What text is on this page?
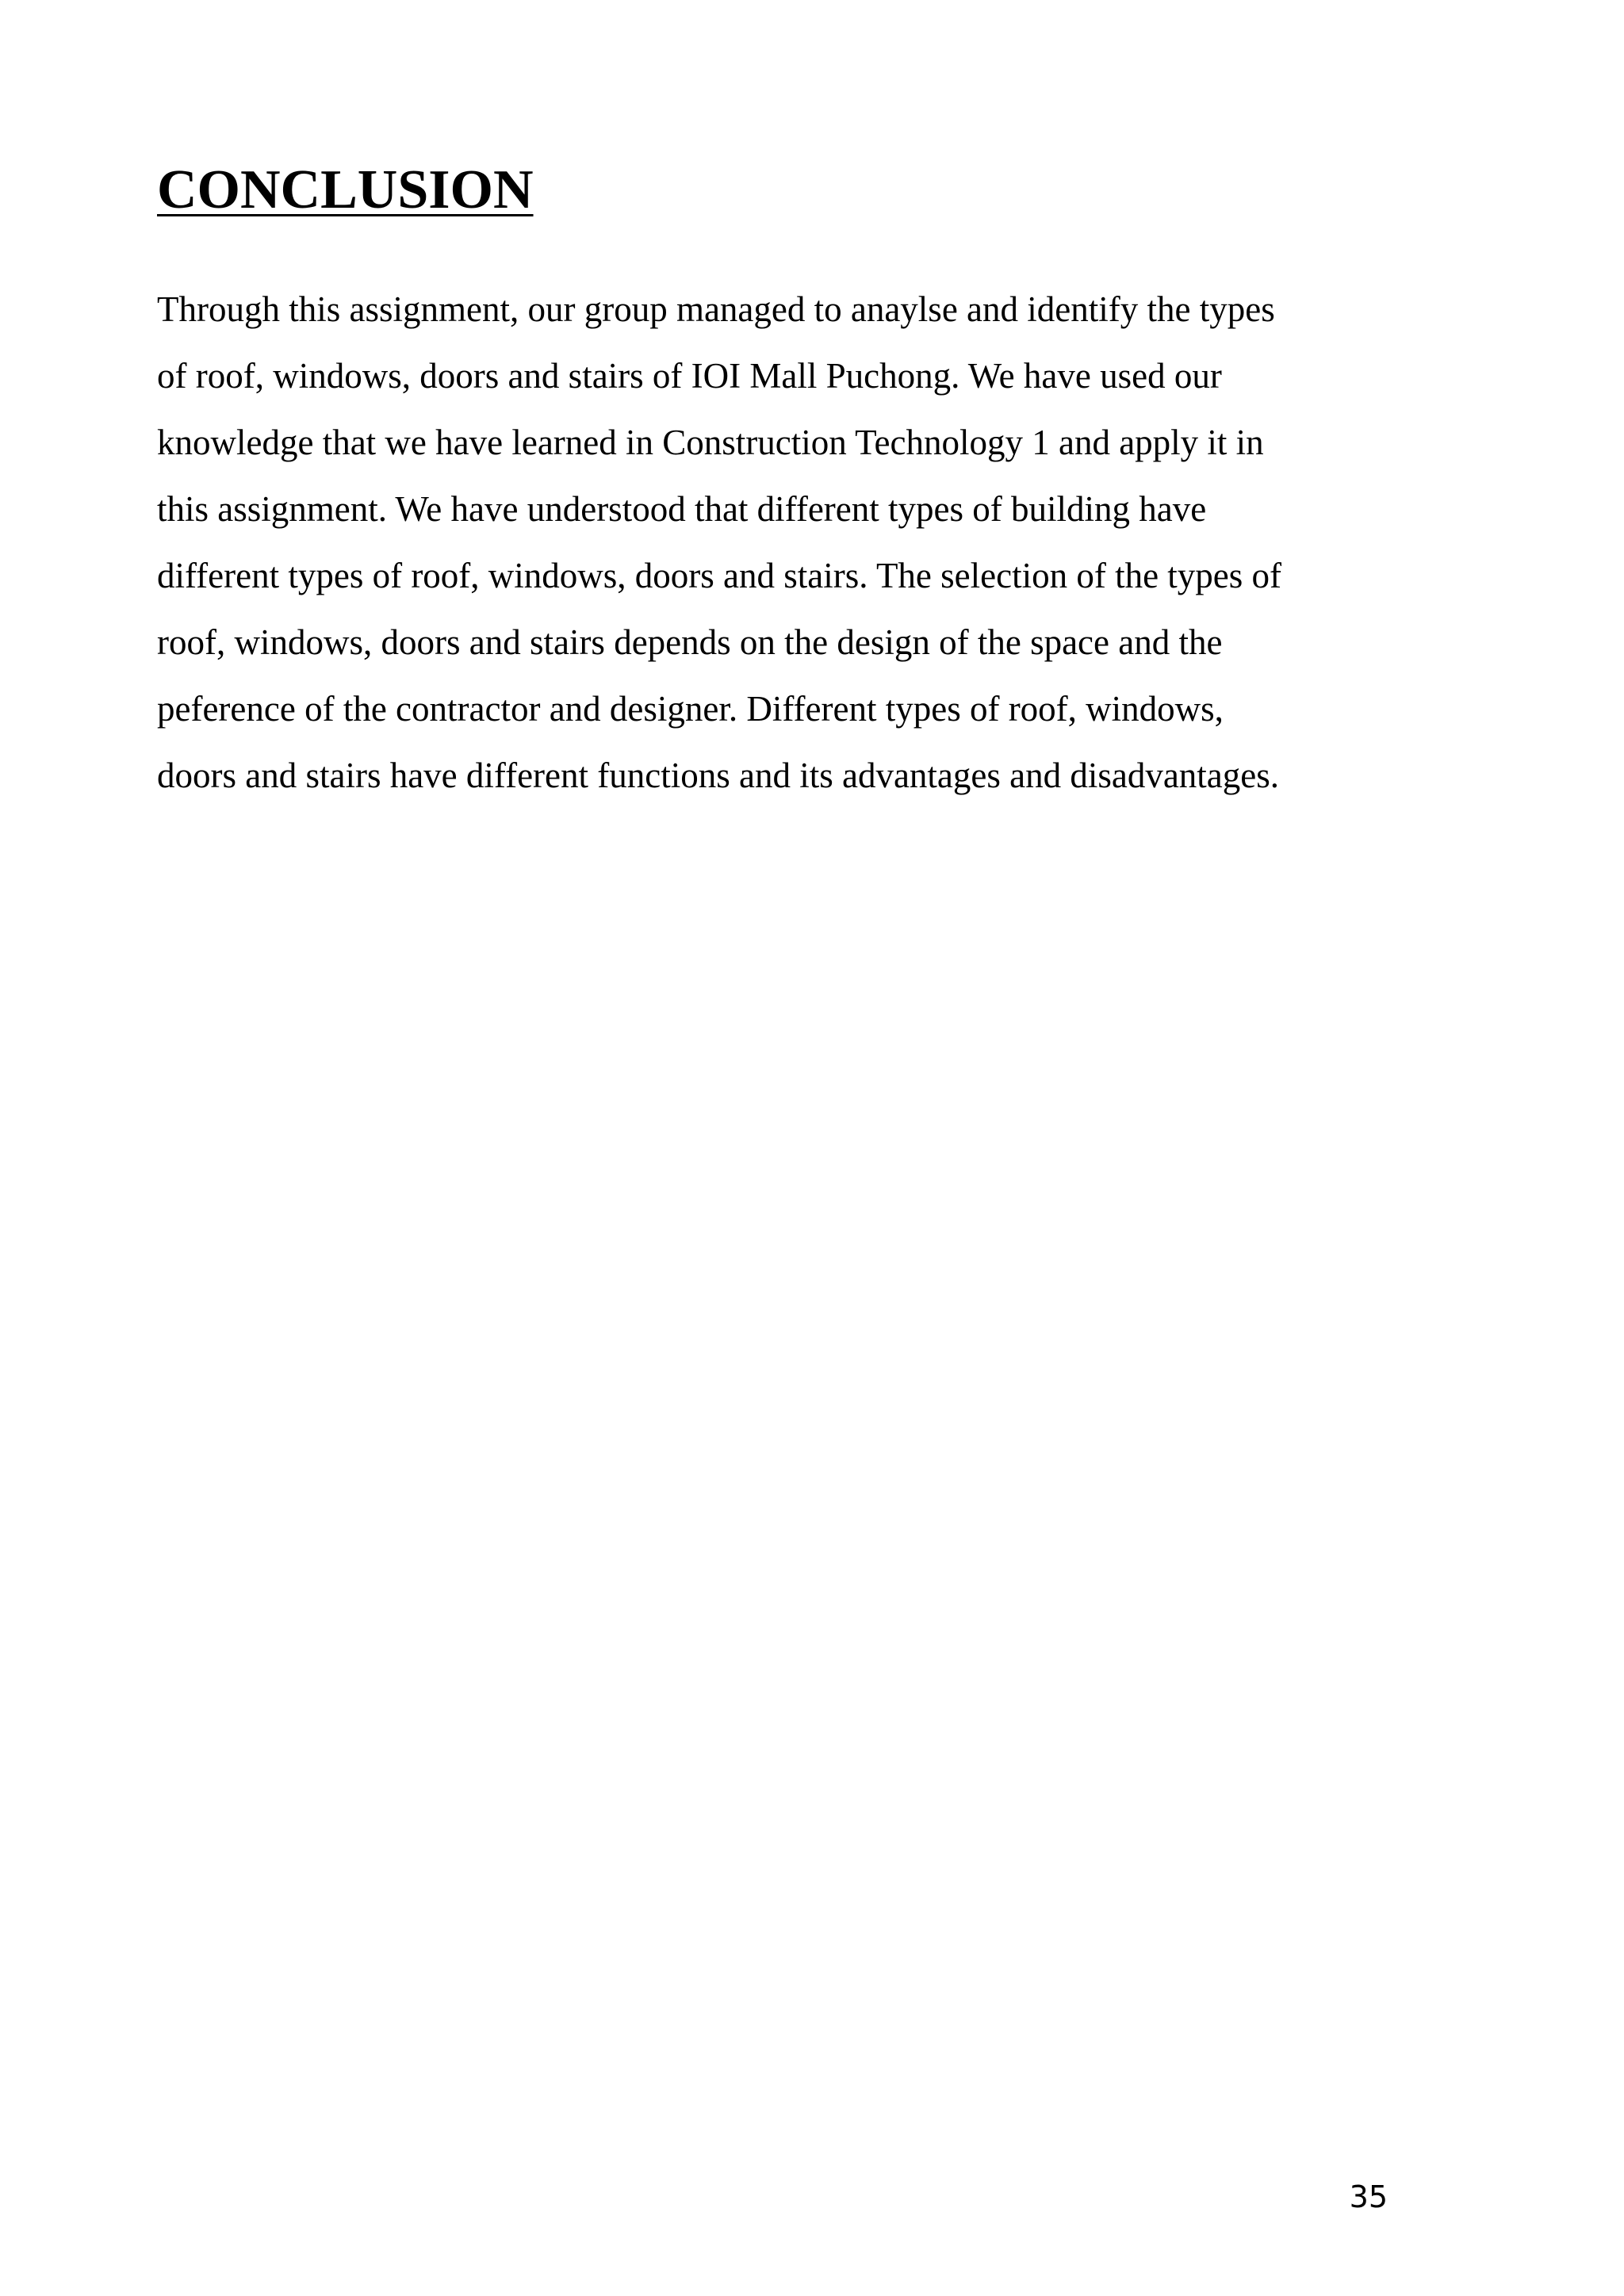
CONCLUSION

Through this assignment, our group managed to anaylse and identify the types
of roof, windows, doors and stairs of IOI Mall Puchong. We have used our
knowledge that we have learned in Construction Technology 1 and apply it in
this assignment. We have understood that different types of building have
different types of roof, windows, doors and stairs. The selection of the types of
roof, windows, doors and stairs depends on the design of the space and the
peference of the contractor and designer. Different types of roof, windows,
doors and stairs have different functions and its advantages and disadvantages.

35
